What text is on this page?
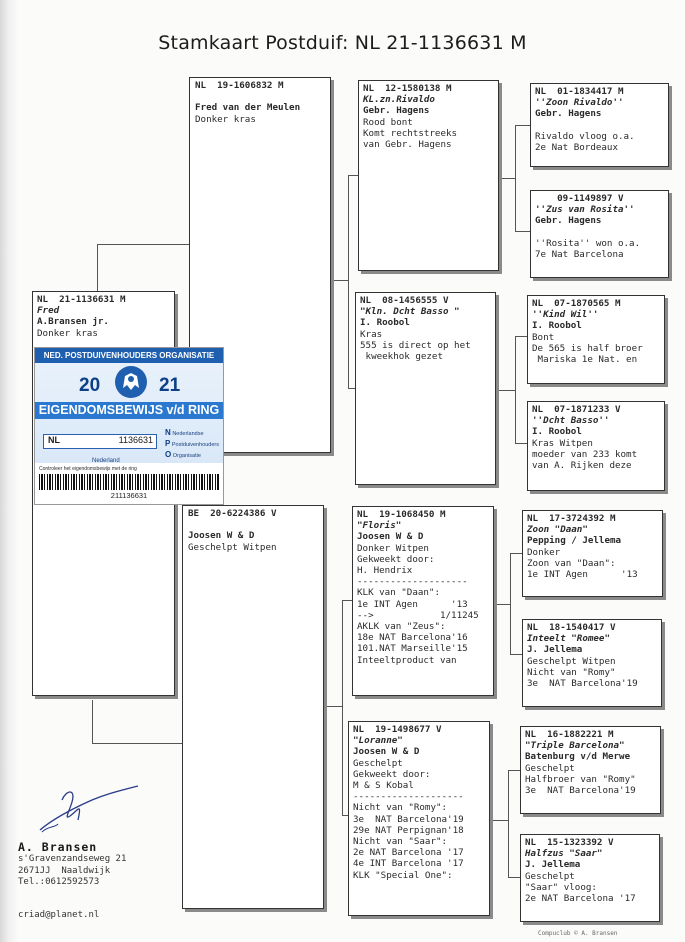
Stamkaart Postduif: NL 21-1136631 M
NL  21-1136631 M
Fred
A.Bransen jr.
Donker kras
NL  19-1606832 M

Fred van der Meulen
Donker kras
BE  20-6224386 V

Joosen W & D
Geschelpt Witpen
NL  12-1580138 M
KL.zn.Rivaldo
Gebr. Hagens
Rood bont
Komt rechtstreeks
van Gebr. Hagens
NL  08-1456555 V
"Kln. Dcht Basso "
I. Roobol
Kras
555 is direct op het
kweekhok gezet
NL  19-1068450 M
"Floris"
Joosen W & D
Donker Witpen
Gekweekt door:
H. Hendrix
--------------------
KLK van "Daan":
1e INT Agen      '13
-->            1/11245
AKLK van "Zeus":
18e NAT Barcelona'16
101.NAT Marseille'15
Inteeltproduct van
NL  19-1498677 V
"Loranne"
Joosen W & D
Geschelpt
Gekweekt door:
M & S Kobal
--------------------
Nicht van "Romy":
3e  NAT Barcelona'19
29e NAT Perpignan'18
Nicht van "Saar":
2e NAT Barcelona '17
4e INT Barcelona '17
KLK "Special One":
NL  01-1834417 M
''Zoon Rivaldo''
Gebr. Hagens

Rivaldo vloog o.a.
2e Nat Bordeaux
09-1149897 V
''Zus van Rosita''
Gebr. Hagens

''Rosita'' won o.a.
7e Nat Barcelona
NL  07-1870565 M
''Kind Wil''
I. Roobol
Bont
De 565 is half broer
Mariska 1e Nat. en
NL  07-1871233 V
''Dcht Basso''
I. Roobol
Kras Witpen
moeder van 233 komt
van A. Rijken deze
NL  17-3724392 M
Zoon "Daan"
Pepping / Jellema
Donker
Zoon van "Daan":
1e INT Agen      '13
NL  18-1540417 V
Inteelt "Romee"
J. Jellema
Geschelpt Witpen
Nicht van "Romy"
3e  NAT Barcelona'19
NL  16-1882221 M
"Triple Barcelona"
Batenburg v/d Merwe
Geschelpt
Halfbroer van "Romy"
3e  NAT Barcelona'19
NL  15-1323392 V
Halfzus "Saar"
J. Jellema
Geschelpt
"Saar" vloog:
2e NAT Barcelona '17
NED. POSTDUIVENHOUDERS ORGANISATIE
20	21
EIGENDOMSBEWIJS v/d RING
NL	1136631
Nederland
N Nederlandse
P Postduivenhouders
O Organisatie
Controleer het eigendomsbewijs met de ring
211136631
A. Bransen
s'Gravenzandseweg 21
2671JJ  Naaldwijk
Tel.:0612592573
criad@planet.nl
Compuclub © A. Bransen
